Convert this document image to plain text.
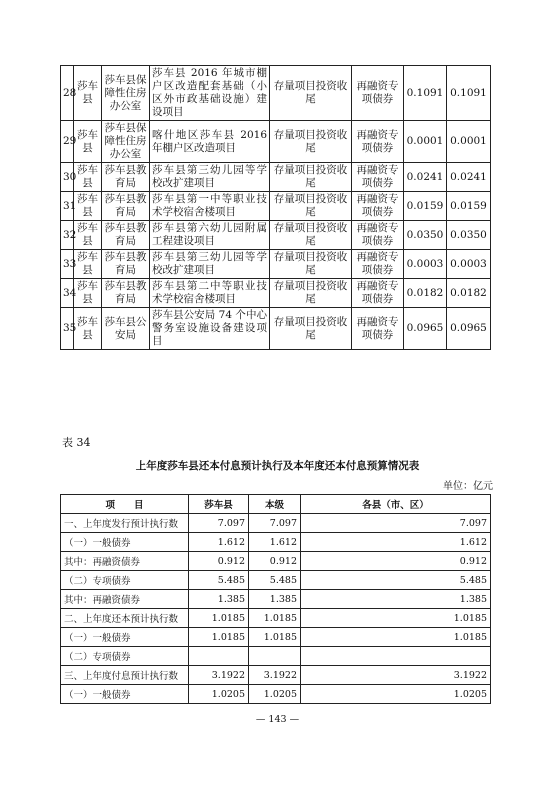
28	莎车县	莎车县保障性住房办公室	莎车县 2016 年城市棚户区改造配套基础（小区外市政基础设施）建设项目	存量项目投资收尾	再融资专项债券	0.1091	0.1091
29	莎车县	莎车县保障性住房办公室	喀什地区莎车县 2016 年棚户区改造项目	存量项目投资收尾	再融资专项债券	0.0001	0.0001
30	莎车县	莎车县教育局	莎车县第三幼儿园等学校改扩建项目	存量项目投资收尾	再融资专项债券	0.0241	0.0241
31	莎车县	莎车县教育局	莎车县第一中等职业技术学校宿舍楼项目	存量项目投资收尾	再融资专项债券	0.0159	0.0159
32	莎车县	莎车县教育局	莎车县第六幼儿园附属工程建设项目	存量项目投资收尾	再融资专项债券	0.0350	0.0350
33	莎车县	莎车县教育局	莎车县第三幼儿园等学校改扩建项目	存量项目投资收尾	再融资专项债券	0.0003	0.0003
34	莎车县	莎车县教育局	莎车县第二中等职业技术学校宿舍楼项目	存量项目投资收尾	再融资专项债券	0.0182	0.0182
35	莎车县	莎车县公安局	莎车县公安局 74 个中心警务室设施设备建设项目	存量项目投资收尾	再融资专项债券	0.0965	0.0965
表 34
上年度莎车县还本付息预计执行及本年度还本付息预算情况表
单位：亿元
项　　目	莎车县	本级	各县（市、区）
一、上年度发行预计执行数	7.097	7.097	7.097
（一）一般债券	1.612	1.612	1.612
其中：再融资债券	0.912	0.912	0.912
（二）专项债券	5.485	5.485	5.485
其中：再融资债券	1.385	1.385	1.385
二、上年度还本预计执行数	1.0185	1.0185	1.0185
（一）一般债券	1.0185	1.0185	1.0185
（二）专项债券			
三、上年度付息预计执行数	3.1922	3.1922	3.1922
（一）一般债券	1.0205	1.0205	1.0205
— 143 —
